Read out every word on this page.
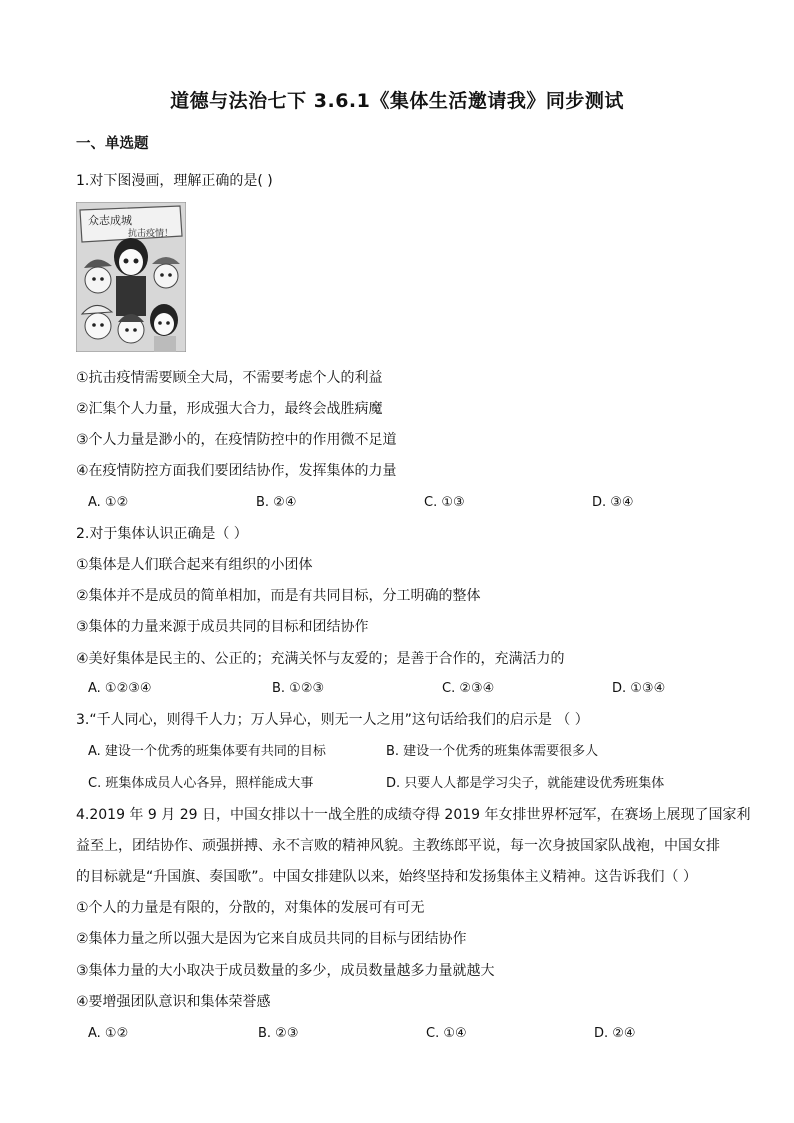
道德与法治七下 3.6.1《集体生活邀请我》同步测试
一、单选题
1.对下图漫画，理解正确的是( )
众志成城
抗击疫情！
①抗击疫情需要顾全大局，不需要考虑个人的利益
②汇集个人力量，形成强大合力，最终会战胜病魔
③个人力量是渺小的，在疫情防控中的作用微不足道
④在疫情防控方面我们要团结协作，发挥集体的力量
A. ①②	B. ②④	C. ①③	D. ③④
2.对于集体认识正确是（ ）
①集体是人们联合起来有组织的小团体
②集体并不是成员的简单相加，而是有共同目标，分工明确的整体
③集体的力量来源于成员共同的目标和团结协作
④美好集体是民主的、公正的；充满关怀与友爱的；是善于合作的，充满活力的
A. ①②③④	B. ①②③	C. ②③④	D. ①③④
3.“千人同心，则得千人力；万人异心，则无一人之用”这句话给我们的启示是 （ ）
A. 建设一个优秀的班集体要有共同的目标	B. 建设一个优秀的班集体需要很多人
C. 班集体成员人心各异，照样能成大事	D. 只要人人都是学习尖子，就能建设优秀班集体
4.2019 年 9 月 29 日，中国女排以十一战全胜的成绩夺得 2019 年女排世界杯冠军，在赛场上展现了国家利
益至上，团结协作、顽强拼搏、永不言败的精神风貌。主教练郎平说，每一次身披国家队战袍，中国女排
的目标就是“升国旗、奏国歌”。中国女排建队以来，始终坚持和发扬集体主义精神。这告诉我们（ ）
①个人的力量是有限的，分散的，对集体的发展可有可无
②集体力量之所以强大是因为它来自成员共同的目标与团结协作
③集体力量的大小取决于成员数量的多少，成员数量越多力量就越大
④要增强团队意识和集体荣誉感
A. ①②	B. ②③	C. ①④	D. ②④
